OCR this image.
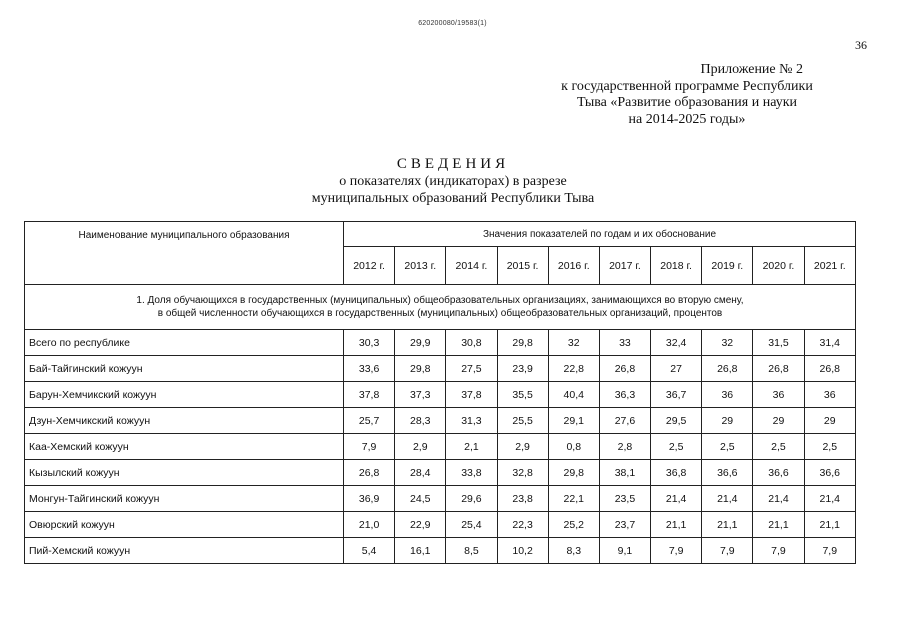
620200080/19583(1)
36
Приложение № 2
к государственной программе Республики
Тыва «Развитие образования и науки
на 2014-2025 годы»
СВЕДЕНИЯ
о показателях (индикаторах) в разрезе
муниципальных образований Республики Тыва
Наименование муниципального образования	Значения показателей по годам и их обоснование									
	2012 г.	2013 г.	2014 г.	2015 г.	2016 г.	2017 г.	2018 г.	2019 г.	2020 г.	2021 г.

1. Доля обучающихся в государственных (муниципальных) общеобразовательных организациях, занимающихся во вторую смену,
в общей численности обучающихся в государственных (муниципальных) общеобразовательных организаций, процентов										

Всего по республике	30,3	29,9	30,8	29,8	32	33	32,4	32	31,5	31,4
Бай-Тайгинский кожуун	33,6	29,8	27,5	23,9	22,8	26,8	27	26,8	26,8	26,8
Барун-Хемчикский кожуун	37,8	37,3	37,8	35,5	40,4	36,3	36,7	36	36	36
Дзун-Хемчикский кожуун	25,7	28,3	31,3	25,5	29,1	27,6	29,5	29	29	29
Каа-Хемский кожуун	7,9	2,9	2,1	2,9	0,8	2,8	2,5	2,5	2,5	2,5
Кызылский кожуун	26,8	28,4	33,8	32,8	29,8	38,1	36,8	36,6	36,6	36,6
Монгун-Тайгинский кожуун	36,9	24,5	29,6	23,8	22,1	23,5	21,4	21,4	21,4	21,4
Овюрский кожуун	21,0	22,9	25,4	22,3	25,2	23,7	21,1	21,1	21,1	21,1
Пий-Хемский кожуун	5,4	16,1	8,5	10,2	8,3	9,1	7,9	7,9	7,9	7,9
